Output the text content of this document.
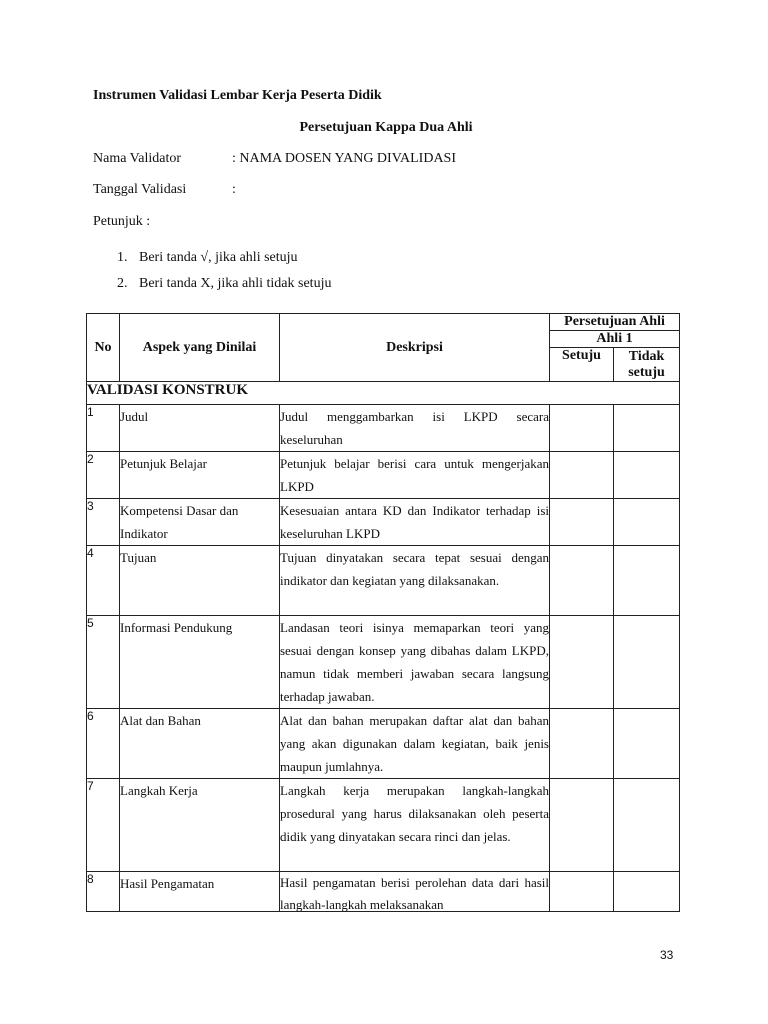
Instrumen Validasi Lembar Kerja Peserta Didik
Persetujuan Kappa Dua Ahli
Nama Validator	: NAMA DOSEN YANG DIVALIDASI
Tanggal Validasi	:
Petunjuk :
1. Beri tanda √, jika ahli setuju
2. Beri tanda X, jika ahli tidak setuju
No	Aspek yang Dinilai	Deskripsi	Persetujuan Ahli	
			Ahli 1	
			Setuju	Tidak setuju
VALIDASI KONSTRUK				
1	Judul	Judul menggambarkan isi LKPD secara keseluruhan		
2	Petunjuk Belajar	Petunjuk belajar berisi cara untuk mengerjakan LKPD		
3	Kompetensi Dasar dan Indikator	Kesesuaian antara KD dan Indikator terhadap isi keseluruhan LKPD		
4	Tujuan	Tujuan dinyatakan secara tepat sesuai dengan indikator dan kegiatan yang dilaksanakan.		
5	Informasi Pendukung	Landasan teori isinya memaparkan teori yang sesuai dengan konsep yang dibahas dalam LKPD, namun tidak memberi jawaban secara langsung terhadap jawaban.		
6	Alat dan Bahan	Alat dan bahan merupakan daftar alat dan bahan yang akan digunakan dalam kegiatan, baik jenis maupun jumlahnya.		
7	Langkah Kerja	Langkah kerja merupakan langkah-langkah prosedural yang harus dilaksanakan oleh peserta didik yang dinyatakan secara rinci dan jelas.		
8	Hasil Pengamatan	Hasil pengamatan berisi perolehan data dari hasil langkah-langkah melaksanakan		

33
